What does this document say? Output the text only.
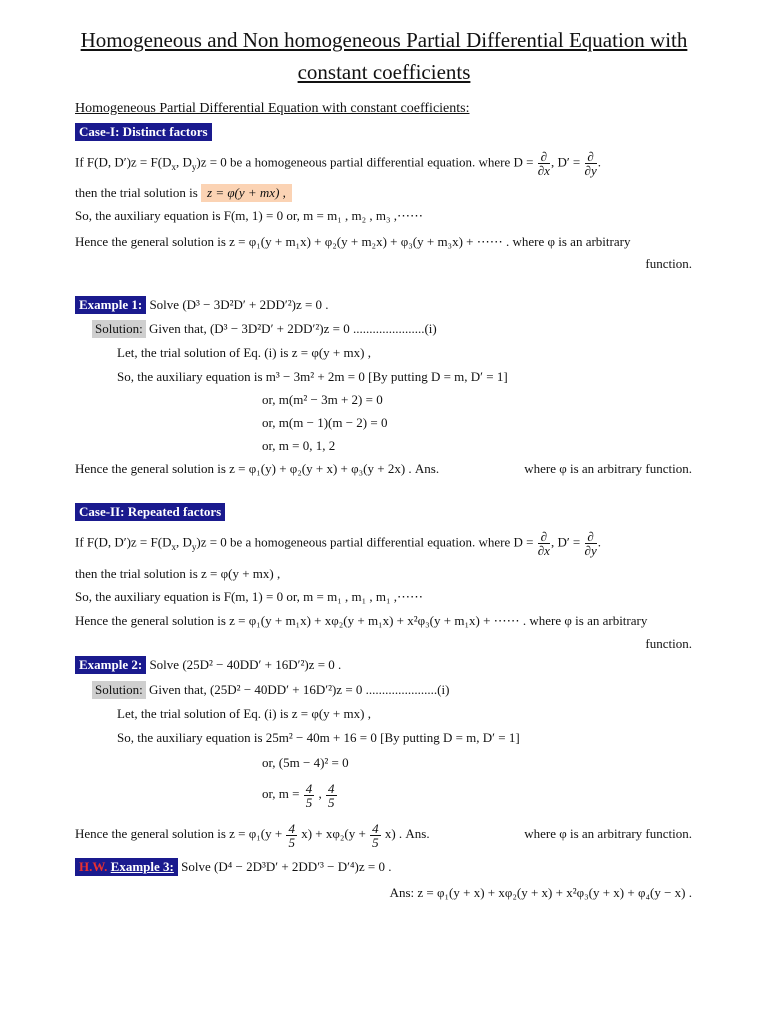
Homogeneous and Non homogeneous Partial Differential Equation with
constant coefficients
Homogeneous Partial Differential Equation with constant coefficients:
Case-I: Distinct factors
If F(D, $D')z = F(D_x$, $D_y)z = 0$ be a homogeneous partial differential equation. where $D = \frac{\partial}{\partial x}$ , $D' = \frac{\partial}{\partial y}$ .
then the trial solution is z = φ(y + mx) ,
So, the auxiliary equation is F(m, 1) = 0 or, m = m₁ , m₂ , m₃ ,⋯⋯
Hence the general solution is z = φ₁(y + m₁x) + φ₂(y + m₂x) + φ₃(y + m₃x) + ⋯⋯ . where φ is an arbitrary
function.
Example 1: Solve (D³ − 3D²D′ + 2DD′²)z = 0 .
Solution: Given that, (D³ − 3D²D′ + 2DD′²)z = 0 ......................(i)
Let, the trial solution of Eq. (i) is z = φ(y + mx) ,
So, the auxiliary equation is m³ − 3m² + 2m = 0 [By putting D = m, D′ = 1]
or, m(m² − 3m + 2) = 0
or, m(m − 1)(m − 2) = 0
or, m = 0, 1, 2
Hence the general solution is z = φ₁(y) + φ₂(y + x) + φ₃(y + 2x) . Ans.	where φ is an arbitrary function.
Case-II: Repeated factors
If F(D, $D')z = F(D_x$, $D_y)z = 0$ be a homogeneous partial differential equation. where $D = \frac{\partial}{\partial x}$ , $D' = \frac{\partial}{\partial y}$ .
then the trial solution is z = φ(y + mx) ,
So, the auxiliary equation is F(m, 1) = 0 or, m = m₁ , m₁ , m₁ ,⋯⋯
Hence the general solution is z = φ₁(y + m₁x) + xφ₂(y + m₁x) + x²φ₃(y + m₁x) + ⋯⋯ . where φ is an arbitrary
function.
Example 2: Solve (25D² − 40DD′ + 16D′²)z = 0 .
Solution: Given that, (25D² − 40DD′ + 16D′²)z = 0 ......................(i)
Let, the trial solution of Eq. (i) is z = φ(y + mx) ,
So, the auxiliary equation is 25m² − 40m + 16 = 0 [By putting D = m, D′ = 1]
or, (5m − 4)² = 0
or, $m = \frac{4}{5}$ , $\frac{4}{5}$
Hence the general solution is $z = \varphi_1(y + \frac{4}{5} x) + x\varphi_2(y + \frac{4}{5} x)$ . Ans.	where φ is an arbitrary function.
H.W. Example 3: Solve (D⁴ − 2D³D′ + 2DD′³ − D′⁴)z = 0 .
Ans: z = φ₁(y + x) + xφ₂(y + x) + x²φ₃(y + x) + φ₄(y − x) .
